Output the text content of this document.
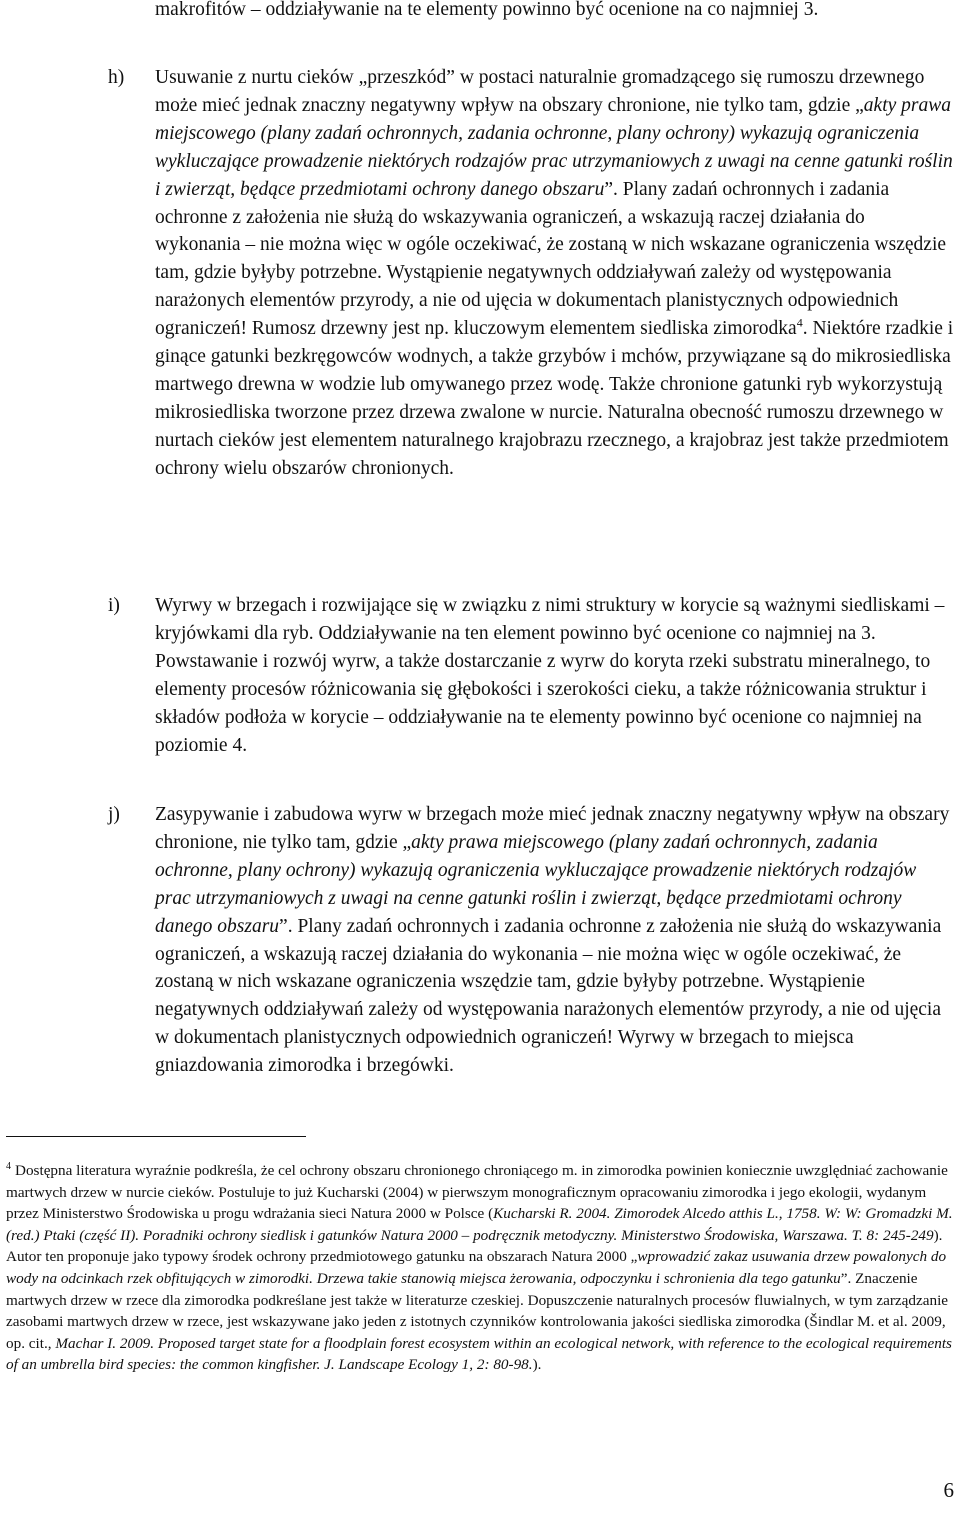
makrofitów – oddziaływanie na te elementy powinno być ocenione na co najmniej 3.

h) Usuwanie z nurtu cieków „przeszkód” w postaci naturalnie gromadzącego się rumoszu drzewnego może mieć jednak znaczny negatywny wpływ na obszary chronione, nie tylko tam, gdzie „akty prawa miejscowego (plany zadań ochronnych, zadania ochronne, plany ochrony) wykazują ograniczenia wykluczające prowadzenie niektórych rodzajów prac utrzymaniowych z uwagi na cenne gatunki roślin i zwierząt, będące przedmiotami ochrony danego obszaru”. Plany zadań ochronnych i zadania ochronne z założenia nie służą do wskazywania ograniczeń, a wskazują raczej działania do wykonania – nie można więc w ogóle oczekiwać, że zostaną w nich wskazane ograniczenia wszędzie tam, gdzie byłyby potrzebne. Wystąpienie negatywnych oddziaływań zależy od występowania narażonych elementów przyrody, a nie od ujęcia w dokumentach planistycznych odpowiednich ograniczeń! Rumosz drzewny jest np. kluczowym elementem siedliska zimorodka$^4$. Niektóre rzadkie i ginące gatunki bezkręgowców wodnych, a także grzybów i mchów, przywiązane są do mikrosiedliska martwego drewna w wodzie lub omywanego przez wodę. Także chronione gatunki ryb wykorzystują mikrosiedliska tworzone przez drzewa zwalone w nurcie. Naturalna obecność rumoszu drzewnego w nurtach cieków jest elementem naturalnego krajobrazu rzecznego, a krajobraz jest także przedmiotem ochrony wielu obszarów chronionych.
i) Wyrwy w brzegach i rozwijające się w związku z nimi struktury w korycie są ważnymi siedliskami – kryjówkami dla ryb. Oddziaływanie na ten element powinno być ocenione co najmniej na 3. Powstawanie i rozwój wyrw, a także dostarczanie z wyrw do koryta rzeki substratu mineralnego, to elementy procesów różnicowania się głębokości i szerokości cieku, a także różnicowania struktur i składów podłoża w korycie – oddziaływanie na te elementy powinno być ocenione co najmniej na poziomie 4.
j) Zasypywanie i zabudowa wyrw w brzegach może mieć jednak znaczny negatywny wpływ na obszary chronione, nie tylko tam, gdzie „akty prawa miejscowego (plany zadań ochronnych, zadania ochronne, plany ochrony) wykazują ograniczenia wykluczające prowadzenie niektórych rodzajów prac utrzymaniowych z uwagi na cenne gatunki roślin i zwierząt, będące przedmiotami ochrony danego obszaru”. Plany zadań ochronnych i zadania ochronne z założenia nie służą do wskazywania ograniczeń, a wskazują raczej działania do wykonania – nie można więc w ogóle oczekiwać, że zostaną w nich wskazane ograniczenia wszędzie tam, gdzie byłyby potrzebne. Wystąpienie negatywnych oddziaływań zależy od występowania narażonych elementów przyrody, a nie od ujęcia w dokumentach planistycznych odpowiednich ograniczeń! Wyrwy w brzegach to miejsca gniazdowania zimorodka i brzegówki.

$^4$ Dostępna literatura wyraźnie podkreśla, że cel ochrony obszaru chronionego chroniącego m. in zimorodka powinien koniecznie uwzględniać zachowanie martwych drzew w nurcie cieków. Postuluje to już Kucharski (2004) w pierwszym monograficznym opracowaniu zimorodka i jego ekologii, wydanym przez Ministerstwo Środowiska u progu wdrażania sieci Natura 2000 w Polsce (Kucharski R. 2004. Zimorodek Alcedo atthis L., 1758. W: W: Gromadzki M. (red.) Ptaki (część II). Poradniki ochrony siedlisk i gatunków Natura 2000 – podręcznik metodyczny. Ministerstwo Środowiska, Warszawa. T. 8: 245-249). Autor ten proponuje jako typowy środek ochrony przedmiotowego gatunku na obszarach Natura 2000 „wprowadzić zakaz usuwania drzew powalonych do wody na odcinkach rzek obfitujących w zimorodki. Drzewa takie stanowią miejsca żerowania, odpoczynku i schronienia dla tego gatunku”. Znaczenie martwych drzew w rzece dla zimorodka podkreślane jest także w literaturze czeskiej. Dopuszczenie naturalnych procesów fluwialnych, w tym zarządzanie zasobami martwych drzew w rzece, jest wskazywane jako jeden z istotnych czynników kontrolowania jakości siedliska zimorodka (Šindlar M. et al. 2009, op. cit., Machar I. 2009. Proposed target state for a floodplain forest ecosystem within an ecological network, with reference to the ecological requirements of an umbrella bird species: the common kingfisher. J. Landscape Ecology 1, 2: 80-98.).

6
